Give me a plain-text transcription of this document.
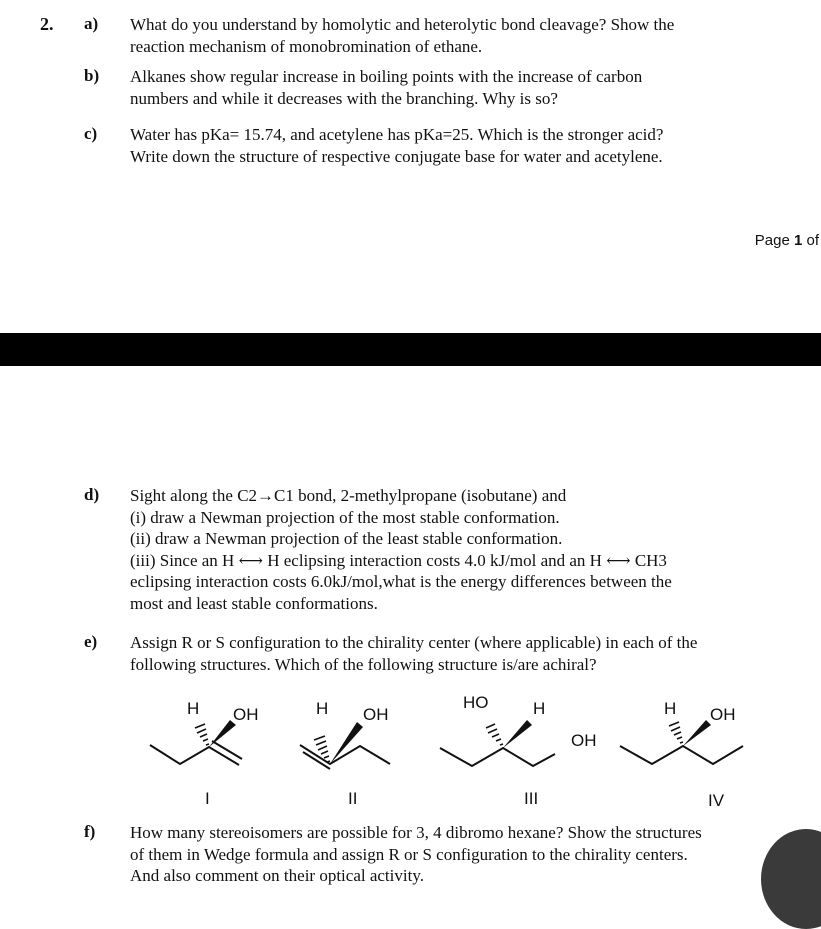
2. a) What do you understand by homolytic and heterolytic bond cleavage? Show the
reaction mechanism of monobromination of ethane.
b) Alkanes show regular increase in boiling points with the increase of carbon
numbers and while it decreases with the branching. Why is so?
c) Water has pKa= 15.74, and acetylene has pKa=25. Which is the stronger acid?
Write down the structure of respective conjugate base for water and acetylene.
Page 1 of
d) Sight along the C2→C1 bond, 2-methylpropane (isobutane) and
(i) draw a Newman projection of the most stable conformation.
(ii) draw a Newman projection of the least stable conformation.
(iii) Since an H ⟷ H eclipsing interaction costs 4.0 kJ/mol and an H ⟷ CH3
eclipsing interaction costs 6.0kJ/mol,what is the energy differences between the
most and least stable conformations.
e) Assign R or S configuration to the chirality center (where applicable) in each of the
following structures. Which of the following structure is/are achiral?
H OH
I
H OH
II
HO	H
OH
III
H OH
IV
f) How many stereoisomers are possible for 3, 4 dibromo hexane? Show the structures
of them in Wedge formula and assign R or S configuration to the chirality centers.
And also comment on their optical activity.
